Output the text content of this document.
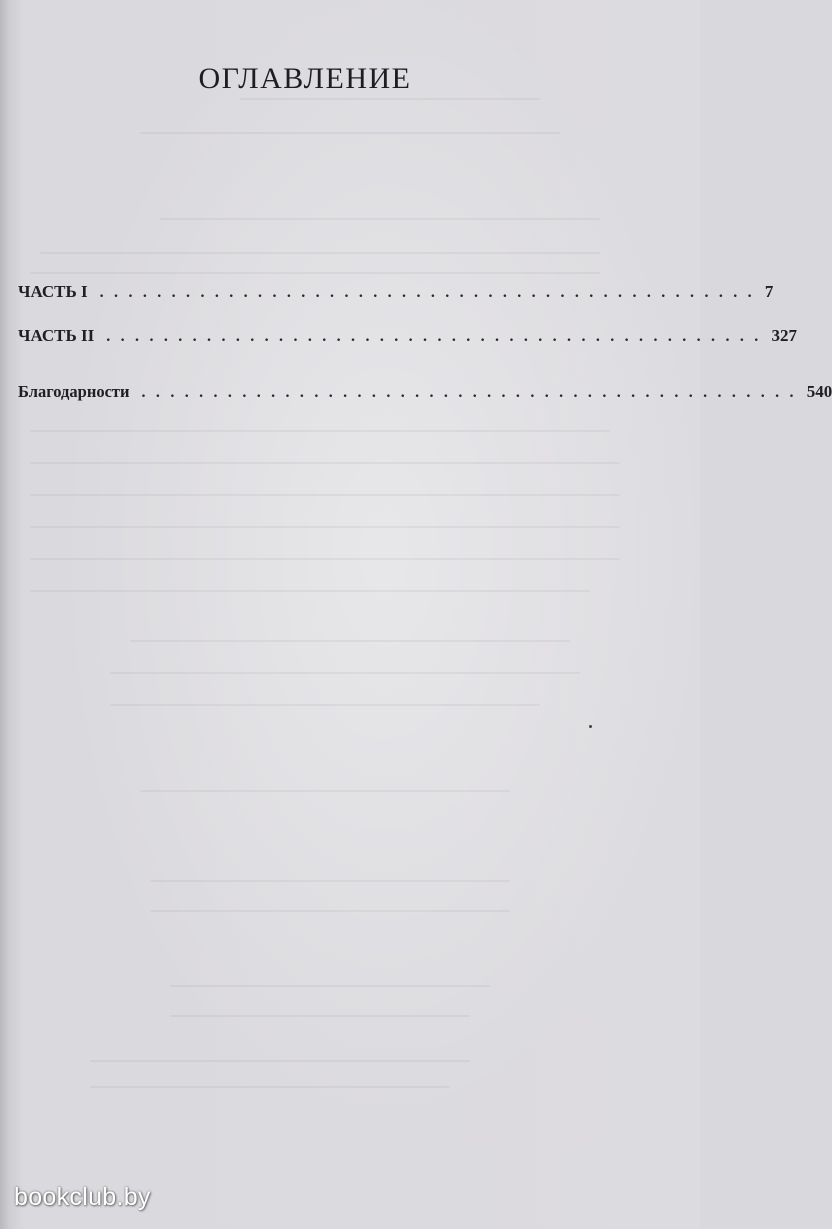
ОГЛАВЛЕНИЕ
ЧАСТЬ I . . . . . . . . . . . . . . . . . . . . . . . . . . . . . . . . . . . . . . . . . . . . . . 7
ЧАСТЬ II . . . . . . . . . . . . . . . . . . . . . . . . . . . . . . . . . . . . . . . . . . . . . . 327
Благодарности . . . . . . . . . . . . . . . . . . . . . . . . . . . . . . . . . . . . . . . . . . . . . . 540
bookclub.by
